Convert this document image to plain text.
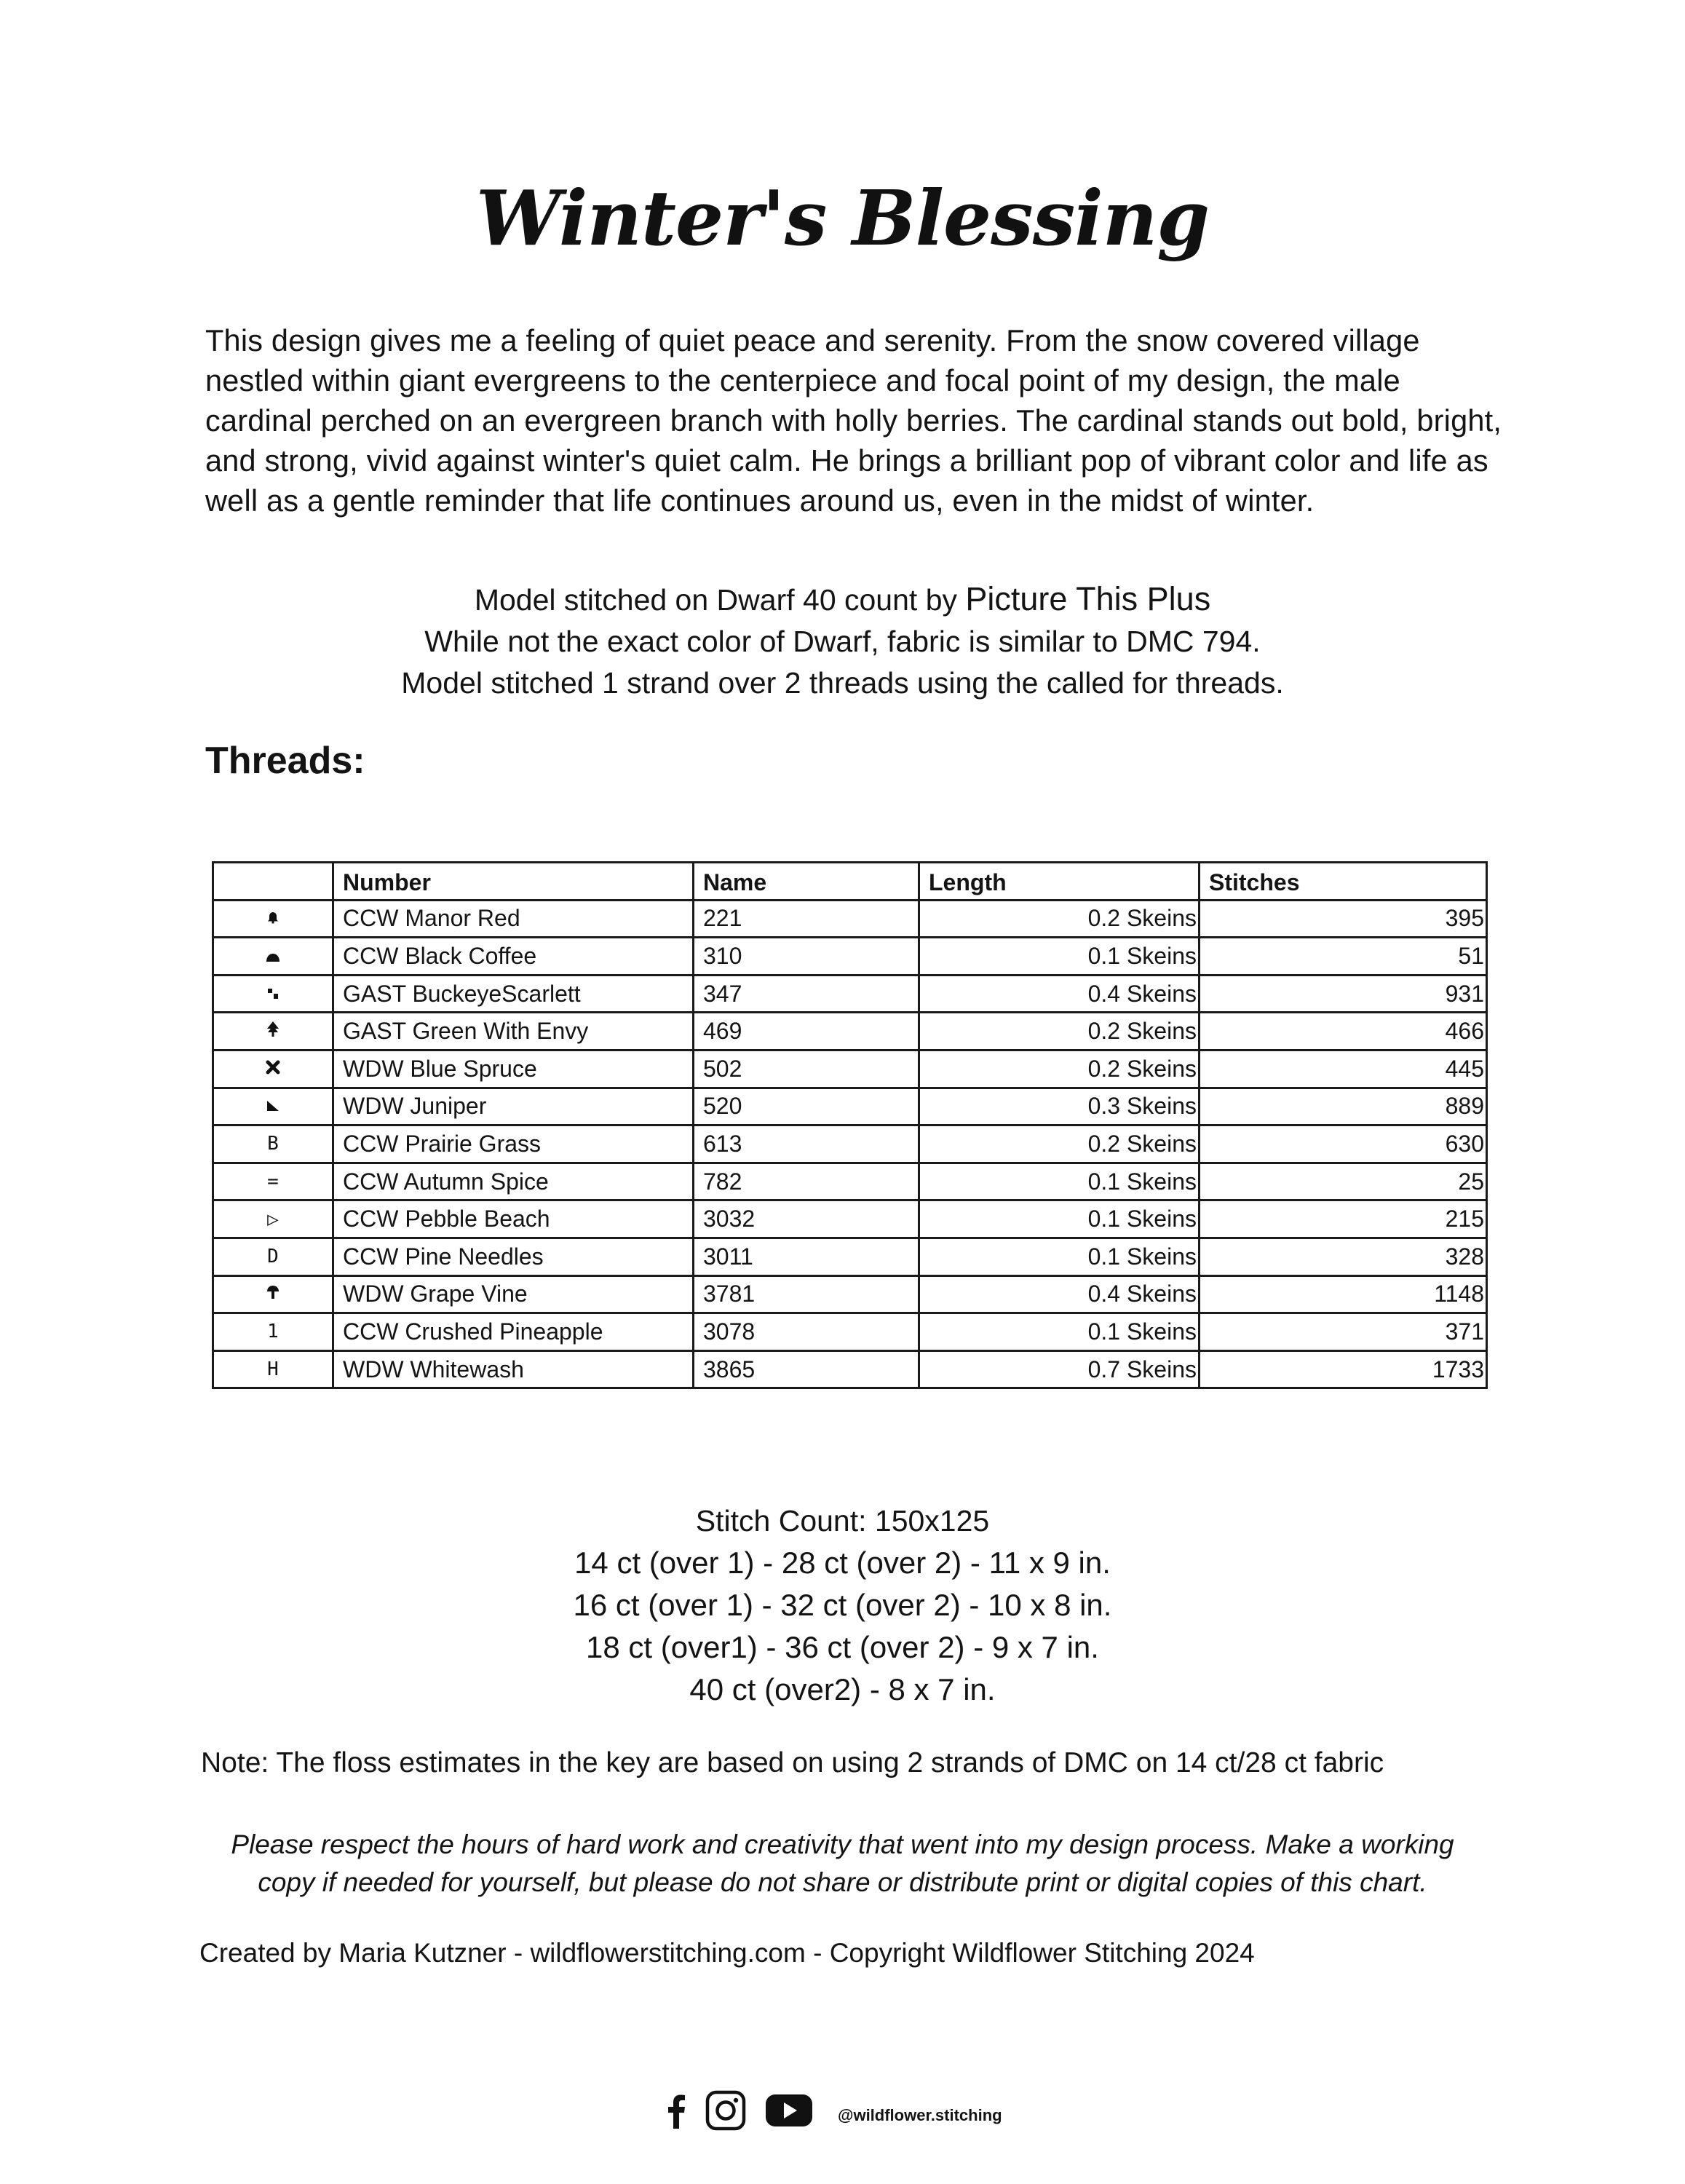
Winter's Blessing

This design gives me a feeling of quiet peace and serenity. From the snow covered village
nestled within giant evergreens to the centerpiece and focal point of my design, the male
cardinal perched on an evergreen branch with holly berries. The cardinal stands out bold, bright,
and strong, vivid against winter's quiet calm. He brings a brilliant pop of vibrant color and life as
well as a gentle reminder that life continues around us, even in the midst of winter.

Model stitched on Dwarf 40 count by Picture This Plus
While not the exact color of Dwarf, fabric is similar to DMC 794.
Model stitched 1 strand over 2 threads using the called for threads.
Threads:
	Number	Name	Length	Stitches
	CCW Manor Red	221	0.2 Skeins	395
	CCW Black Coffee	310	0.1 Skeins	51
	GAST BuckeyeScarlett	347	0.4 Skeins	931
	GAST Green With Envy	469	0.2 Skeins	466
	WDW Blue Spruce	502	0.2 Skeins	445
	WDW Juniper	520	0.3 Skeins	889
B	CCW Prairie Grass	613	0.2 Skeins	630
=	CCW Autumn Spice	782	0.1 Skeins	25
▷	CCW Pebble Beach	3032	0.1 Skeins	215
D	CCW Pine Needles	3011	0.1 Skeins	328
	WDW Grape Vine	3781	0.4 Skeins	1148
1	CCW Crushed Pineapple	3078	0.1 Skeins	371
H	WDW Whitewash	3865	0.7 Skeins	1733
Stitch Count: 150x125
14 ct (over 1) - 28 ct (over 2) - 11 x 9 in.
16 ct (over 1) - 32 ct (over 2) - 10 x 8 in.
18 ct (over1) - 36 ct (over 2) - 9 x 7 in.
40 ct (over2) - 8 x 7 in.
Note: The floss estimates in the key are based on using 2 strands of DMC on 14 ct/28 ct fabric
Please respect the hours of hard work and creativity that went into my design process. Make a working
copy if needed for yourself, but please do not share or distribute print or digital copies of this chart.
Created by Maria Kutzner - wildflowerstitching.com - Copyright Wildflower Stitching 2024
@wildflower.stitching
